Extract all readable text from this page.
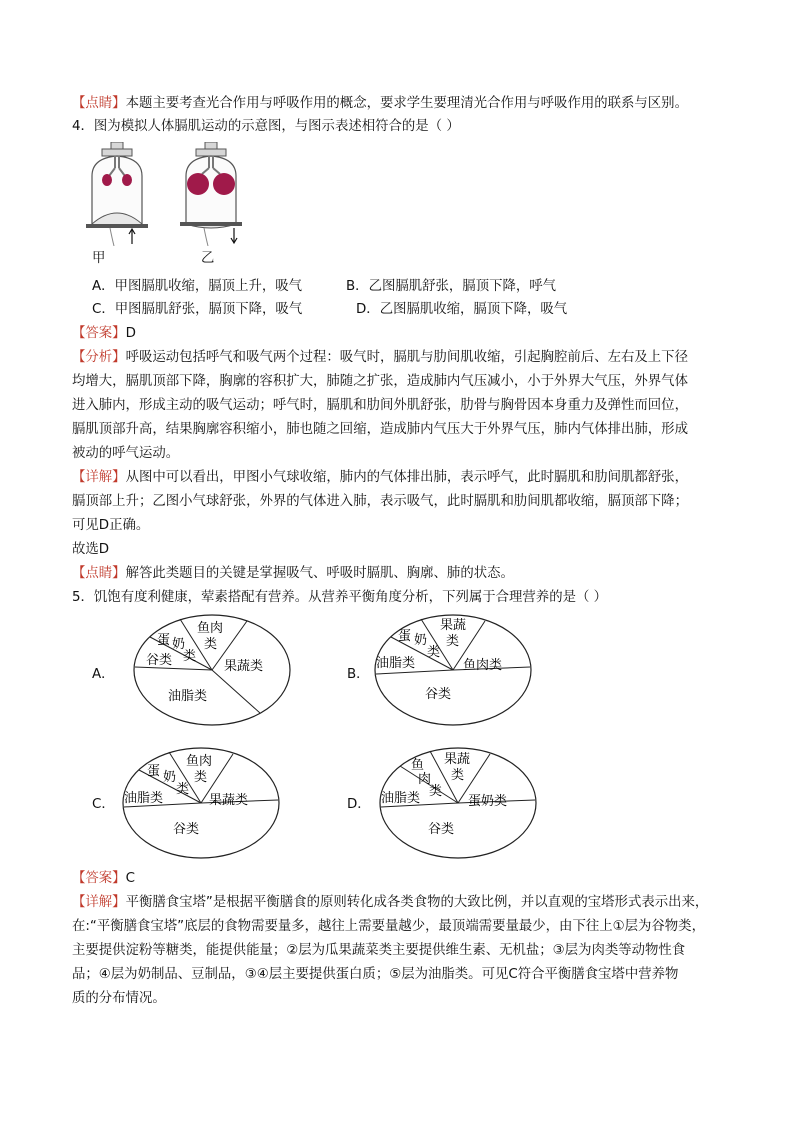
【点睛】本题主要考查光合作用与呼吸作用的概念，要求学生要理清光合作用与呼吸作用的联系与区别。
4．图为模拟人体膈肌运动的示意图，与图示表述相符合的是（ ）
甲	乙
A．甲图膈肌收缩，膈顶上升，吸气	B．乙图膈肌舒张，膈顶下降，呼气
C．甲图膈肌舒张，膈顶下降，吸气	D．乙图膈肌收缩，膈顶下降，吸气
【答案】D
【分析】呼吸运动包括呼气和吸气两个过程：吸气时，膈肌与肋间肌收缩，引起胸腔前后、左右及上下径
均增大，膈肌顶部下降，胸廓的容积扩大，肺随之扩张，造成肺内气压减小，小于外界大气压，外界气体
进入肺内，形成主动的吸气运动；呼气时，膈肌和肋间外肌舒张，肋骨与胸骨因本身重力及弹性而回位，
膈肌顶部升高，结果胸廓容积缩小，肺也随之回缩，造成肺内气压大于外界气压，肺内气体排出肺，形成
被动的呼气运动。
【详解】从图中可以看出，甲图小气球收缩，肺内的气体排出肺，表示呼气，此时膈肌和肋间肌都舒张，
膈顶部上升；乙图小气球舒张，外界的气体进入肺，表示吸气，此时膈肌和肋间肌都收缩，膈顶部下降；
可见D正确。
故选D
【点睛】解答此类题目的关键是掌握吸气、呼吸时膈肌、胸廓、肺的状态。
5．饥饱有度利健康，荤素搭配有营养。从营养平衡角度分析，下列属于合理营养的是（ ）
A．
蛋 奶
类
鱼肉
类
谷类	果蔬类
油脂类
B．
蛋 奶
类
果蔬
类
油脂类	鱼肉类
谷类
C．
蛋 奶
类
鱼肉
类
油脂类	果蔬类
谷类
D．
鱼
肉
类
果蔬
类
油脂类	蛋奶类
谷类
【答案】C
【详解】平衡膳食宝塔”是根据平衡膳食的原则转化成各类食物的大致比例，并以直观的宝塔形式表示出来，
在:“平衡膳食宝塔”底层的食物需要量多，越往上需要量越少，最顶端需要量最少，由下往上①层为谷物类，
主要提供淀粉等糖类，能提供能量；②层为瓜果蔬菜类主要提供维生素、无机盐；③层为肉类等动物性食
品；④层为奶制品、豆制品，③④层主要提供蛋白质；⑤层为油脂类。可见C符合平衡膳食宝塔中营养物
质的分布情况。
